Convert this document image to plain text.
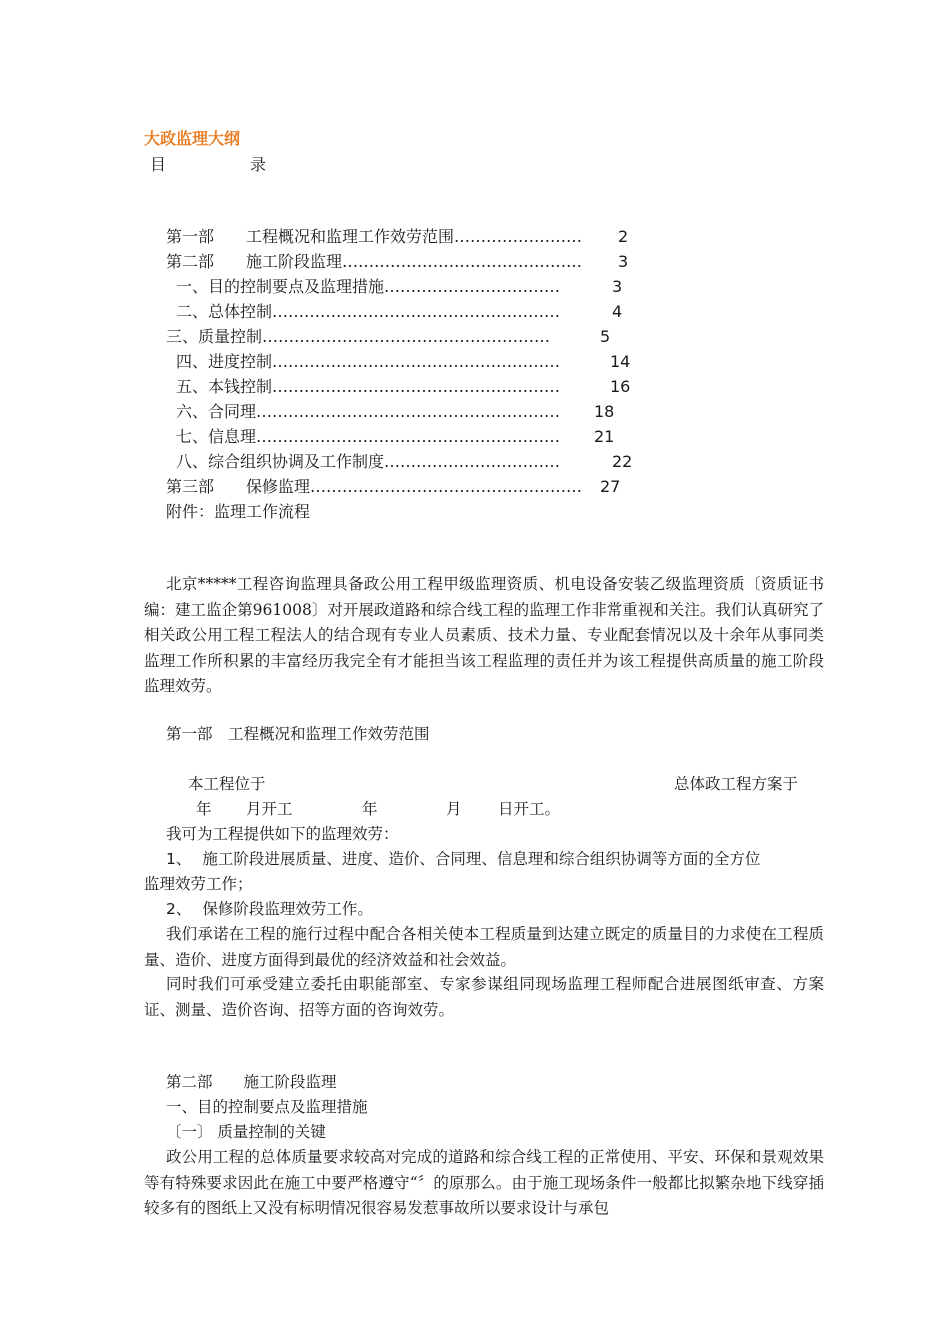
大政监理大纲
目	录
第一部　　工程概况和监理工作效劳范围…………………… 2
第二部　　施工阶段监理……………………………………… 3
一、目的控制要点及监理措施……………………………	3
二、总体控制………………………………………………	4
三、质量控制………………………………………………	5
四、进度控制………………………………………………	14
五、本钱控制………………………………………………	16
六、合同理………………………………………………… 18
七、信息理………………………………………………… 21
八、综合组织协调及工作制度……………………………	22
第三部　　保修监理…………………………………………… 27
附件：监理工作流程
北京*****工程咨询监理具备政公用工程甲级监理资质、机电设备安装乙级监理资质〔资质证书编：建工监企第961008〕对开展政道路和综合线工程的监理工作非常重视和关注。我们认真研究了相关政公用工程工程法人的结合现有专业人员素质、技术力量、专业配套情况以及十余年从事同类监理工作所积累的丰富经历我完全有才能担当该工程监理的责任并为该工程提供高质量的施工阶段监理效劳。
第一部　工程概况和监理工作效劳范围
本工程位于	总体政工程方案于
年 月开工	年	月 日开工。
我可为工程提供如下的监理效劳：
1、 施工阶段进展质量、进度、造价、合同理、信息理和综合组织协调等方面的全方位
监理效劳工作；
2、 保修阶段监理效劳工作。
我们承诺在工程的施行过程中配合各相关使本工程质量到达建立既定的质量目的力求使在工程质量、造价、进度方面得到最优的经济效益和社会效益。
同时我们可承受建立委托由职能部室、专家参谋组同现场监理工程师配合进展图纸审查、方案证、测量、造价咨询、招等方面的咨询效劳。
第二部　　施工阶段监理
一、目的控制要点及监理措施
〔一〕 质量控制的关键
政公用工程的总体质量要求较高对完成的道路和综合线工程的正常使用、平安、环保和景观效果等有特殊要求因此在施工中要严格遵守“〞的原那么。由于施工现场条件一般都比拟繁杂地下线穿插较多有的图纸上又没有标明情况很容易发惹事故所以要求设计与承包
